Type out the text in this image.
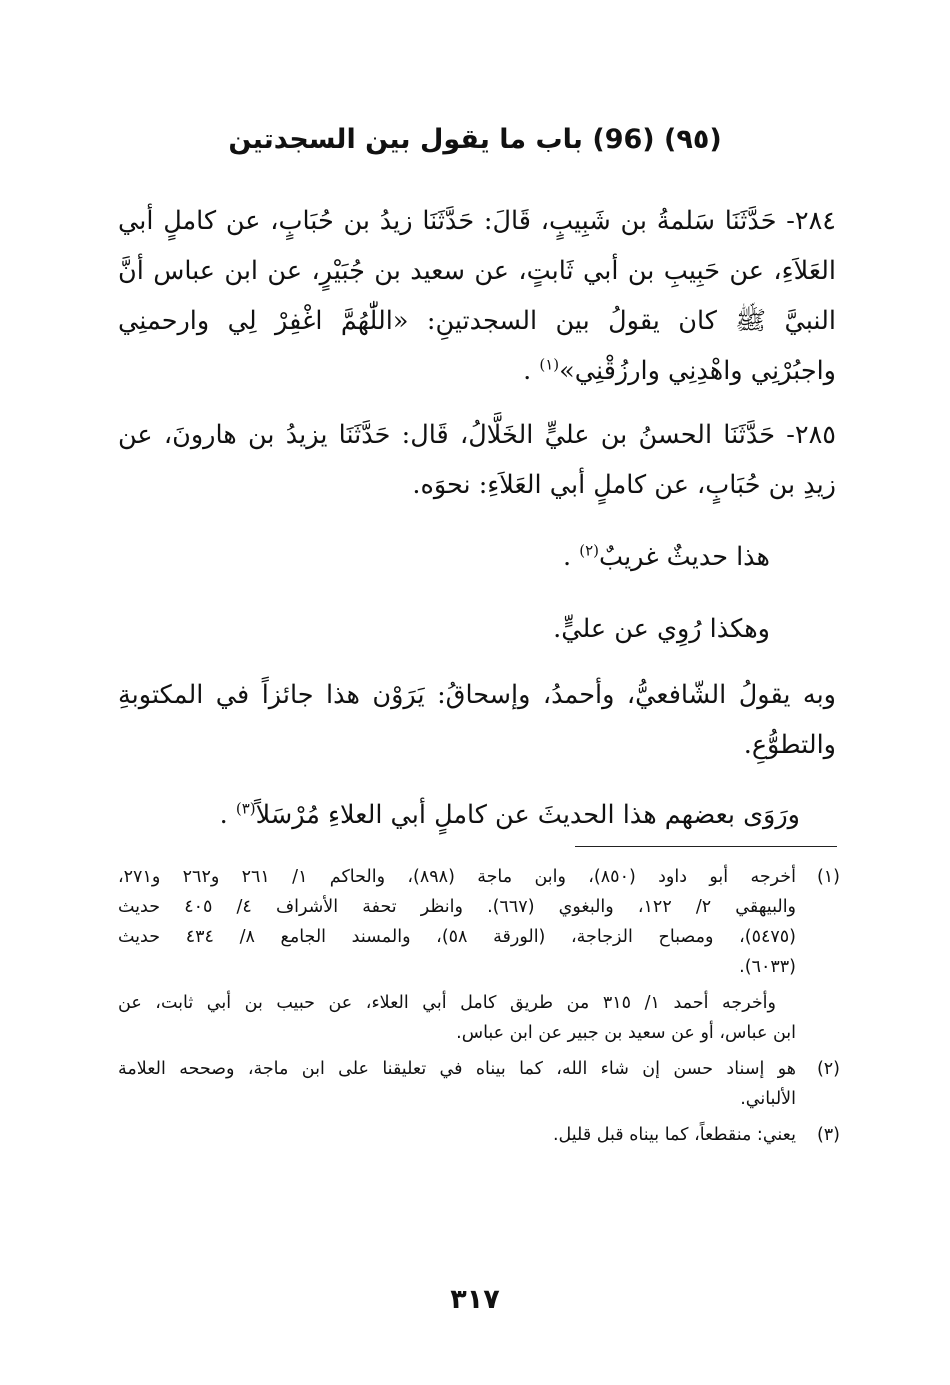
(٩٥) (96) باب ما يقول بين السجدتين
٢٨٤- حَدَّثَنَا سَلمةُ بن شَبِيبٍ، قَالَ: حَدَّثَنَا زيدُ بن حُبَابٍ، عن كاملٍ أبي العَلاَءِ، عن حَبِيبِ بن أبي ثَابتٍ، عن سعيد بن جُبَيْرٍ، عن ابن عباس أنَّ النبيَّ ﷺ كان يقولُ بين السجدتينِ: «اللّٰهُمَّ اغْفِرْ لِي وارحمنِي واجبُرْنِي واهْدِنِي وارزُقْنِي»$^{(١)}$ .
٢٨٥- حَدَّثَنَا الحسنُ بن عليٍّ الخَلَّالُ، قَال: حَدَّثَنَا يزيدُ بن هارونَ، عن زيدِ بن حُبَابٍ، عن كاملٍ أبي العَلاَءِ: نحوَه.
هذا حديثٌ غريبٌ$^{(٢)}$ .
وهكذا رُوِي عن عليٍّ.
وبه يقولُ الشّافعيُّ، وأحمدُ، وإسحاقُ: يَرَوْن هذا جائزاً في المكتوبةِ والتطوُّعِ.
ورَوَى بعضهم هذا الحديثَ عن كاملٍ أبي العلاءِ مُرْسَلاً$^{(٣)}$ .
(١)
أخرجه أبو داود (٨٥٠)، وابن ماجة (٨٩٨)، والحاكم ١/ ٢٦١ و٢٦٢ و٢٧١،
والبيهقي ٢/ ١٢٢، والبغوي (٦٦٧). وانظر تحفة الأشراف ٤/ ٤٠٥ حديث
(٥٤٧٥)، ومصباح الزجاجة، (الورقة ٥٨)، والمسند الجامع ٨/ ٤٣٤ حديث
(٦٠٣٣).
وأخرجه أحمد ١/ ٣١٥ من طريق كامل أبي العلاء، عن حبيب بن أبي ثابت، عن
ابن عباس، أو عن سعيد بن جبير عن ابن عباس.
(٢)
هو إسناد حسن إن شاء الله، كما بيناه في تعليقنا على ابن ماجة، وصححه العلامة
الألباني.
(٣)
يعني: منقطعاً، كما بيناه قبل قليل.
٣١٧
